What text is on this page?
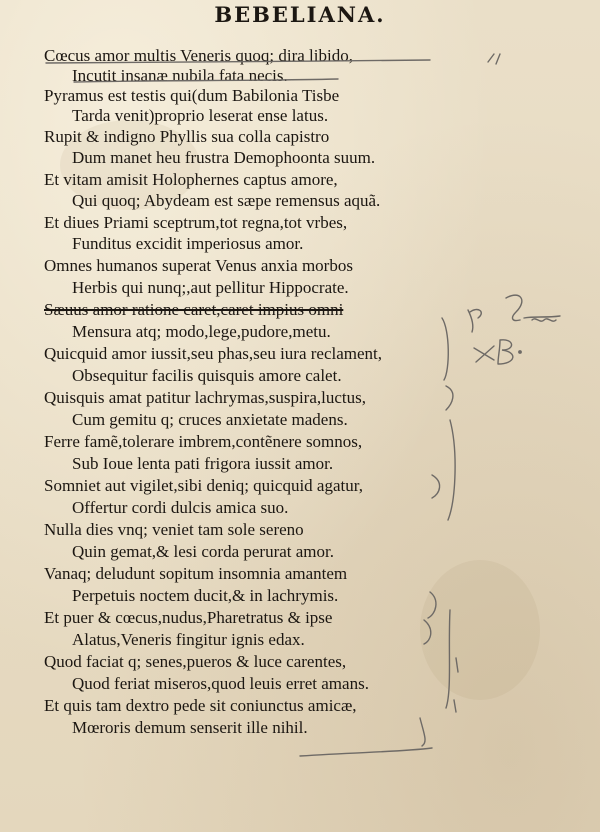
BEBELIANA.
Cœcus amor multis Veneris quoq; dira libido,
Incutit insanæ nubila fata necis.
Pyramus est testis qui(dum Babilonia Tisbe
Tarda venit)proprio leserat ense latus.
Rupit & indigno Phyllis sua colla capistro
Dum manet heu frustra Demophoonta suum.
Et vitam amisit Holophernes captus amore,
Qui quoq; Abydeam est sæpe remensus aquã.
Et diues Priami sceptrum,tot regna,tot vrbes,
Funditus excidit imperiosus amor.
Omnes humanos superat Venus anxia morbos
Herbis qui nunq;,aut pellitur Hippocrate.
Sæuus amor ratione caret,caret impius omni
Mensura atq; modo,lege,pudore,metu.
Quicquid amor iussit,seu phas,seu iura reclament,
Obsequitur facilis quisquis amore calet.
Quisquis amat patitur lachrymas,suspira,luctus,
Cum gemitu q; cruces anxietate madens.
Ferre famẽ,tolerare imbrem,contẽnere somnos,
Sub Ioue lenta pati frigora iussit amor.
Somniet aut vigilet,sibi deniq; quicquid agatur,
Offertur cordi dulcis amica suo.
Nulla dies vnq; veniet tam sole sereno
Quin gemat,& lesi corda perurat amor.
Vanaq; deludunt sopitum insomnia amantem
Perpetuis noctem ducit,& in lachrymis.
Et puer & cœcus,nudus,Pharetratus & ipse
Alatus,Veneris fingitur ignis edax.
Quod faciat q; senes,pueros & luce carentes,
Quod feriat miseros,quod leuis erret amans.
Et quis tam dextro pede sit coniunctus amicæ,
Mœroris demum senserit ille nihil.
